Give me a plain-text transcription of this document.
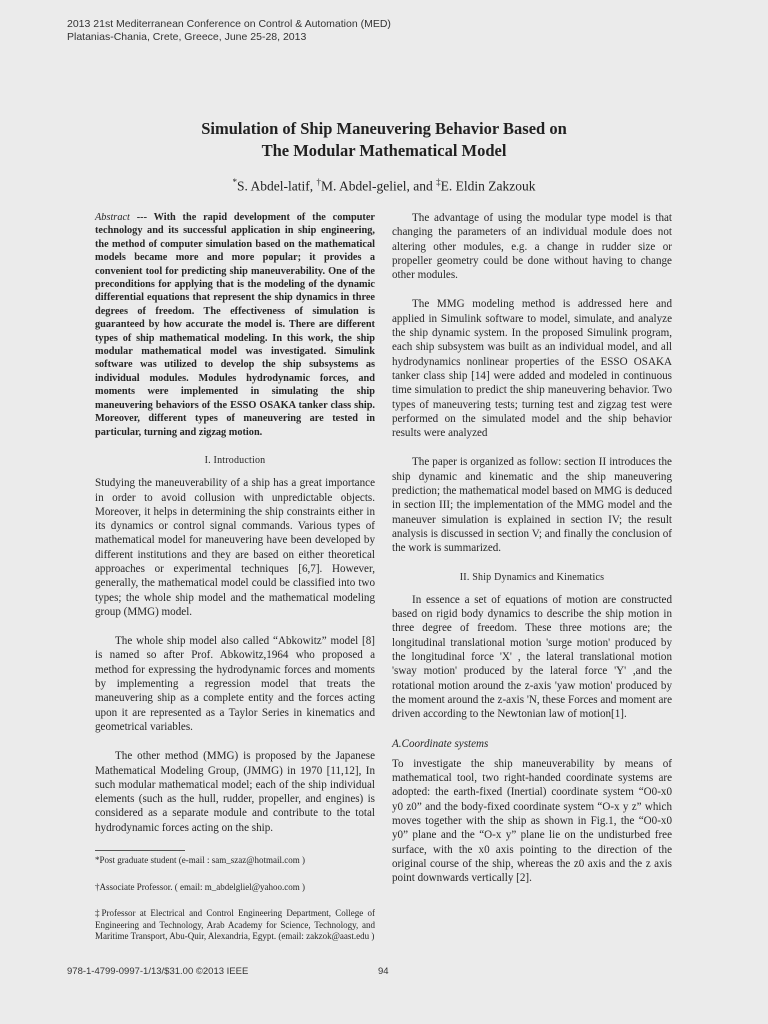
2013 21st Mediterranean Conference on Control & Automation (MED)
Platanias-Chania, Crete, Greece, June 25-28, 2013
Simulation of Ship Maneuvering Behavior Based on
The Modular Mathematical Model
*S. Abdel-latif, †M. Abdel-geliel, and ‡E. Eldin Zakzouk

Abstract --- With the rapid development of the computer technology and its successful application in ship engineering, the method of computer simulation based on the mathematical models became more and more popular; it provides a convenient tool for predicting ship maneuverability. One of the preconditions for applying that is the modeling of the dynamic differential equations that represent the ship dynamics in three degrees of freedom. The effectiveness of simulation is guaranteed by how accurate the model is. There are different types of ship mathematical modeling. In this work, the ship modular mathematical model was investigated. Simulink software was utilized to develop the ship subsystems as individual modules. Modules hydrodynamic forces, and moments were implemented in simulating the ship maneuvering behaviors of the ESSO OSAKA tanker class ship. Moreover, different types of maneuvering are tested in particular, turning and zigzag motion.

I. Introduction

Studying the maneuverability of a ship has a great importance in order to avoid collusion with unpredictable objects. Moreover, it helps in determining the ship constraints either in its dynamics or control signal commands. Various types of mathematical model for maneuvering have been developed by different institutions and they are based on either theoretical approaches or experimental techniques [6,7]. However, generally, the mathematical model could be classified into two types; the whole ship model and the mathematical modeling group (MMG) model.

The whole ship model also called “Abkowitz” model [8] is named so after Prof. Abkowitz,1964 who proposed a method for expressing the hydrodynamic forces and moments by implementing a regression model that treats the maneuvering ship as a complete entity and the forces acting upon it are represented as a Taylor Series in kinematics and geometrical variables.

The other method (MMG) is proposed by the Japanese Mathematical Modeling Group, (JMMG) in 1970 [11,12], In such modular mathematical model; each of the ship individual elements (such as the hull, rudder, propeller, and engines) is considered as a separate module and contribute to the total hydrodynamic forces acting on the ship.

*Post graduate student (e-mail : sam_szaz@hotmail.com )

†Associate Professor. ( email: m_abdelgliel@yahoo.com )

‡Professor at Electrical and Control Engineering Department, College of Engineering and Technology, Arab Academy for Science, Technology, and Maritime Transport, Abu-Quir, Alexandria, Egypt. (email: zakzok@aast.edu )

The advantage of using the modular type model is that changing the parameters of an individual module does not altering other modules, e.g. a change in rudder size or propeller geometry could be done without having to change other modules.

The MMG modeling method is addressed here and applied in Simulink software to model, simulate, and analyze the ship dynamic system. In the proposed Simulink program, each ship subsystem was built as an individual model, and all hydrodynamics nonlinear properties of the ESSO OSAKA tanker class ship [14] were added and modeled in continuous time simulation to predict the ship maneuvering behavior. Two types of maneuvering tests; turning test and zigzag test were performed on the simulated model and the ship behavior results were analyzed

The paper is organized as follow: section II introduces the ship dynamic and kinematic and the ship maneuvering prediction; the mathematical model based on MMG is deduced in section III; the implementation of the MMG model and the maneuver simulation is explained in section IV; the result analysis is discussed in section V; and finally the conclusion of the work is summarized.

II. Ship Dynamics and Kinematics

In essence a set of equations of motion are constructed based on rigid body dynamics to describe the ship motion in three degree of freedom. These three motions are; the longitudinal translational motion 'surge motion' produced by the longitudinal force 'X' , the lateral translational motion 'sway motion' produced by the lateral force 'Y' ,and the rotational motion around the z-axis 'yaw motion' produced by the moment around the z-axis 'N, these Forces and moment are driven according to the Newtonian law of motion[1].

A.Coordinate systems

To investigate the ship maneuverability by means of mathematical tool, two right-handed coordinate systems are adopted: the earth-fixed (Inertial) coordinate system “O0-x0 y0 z0” and the body-fixed coordinate system “O-x y z” which moves together with the ship as shown in Fig.1, the “O0-x0 y0” plane and the “O-x y” plane lie on the undisturbed free surface, with the x0 axis pointing to the direction of the original course of the ship, whereas the z0 axis and the z axis point downwards vertically [2].

978-1-4799-0997-1/13/$31.00 ©2013 IEEE	94
